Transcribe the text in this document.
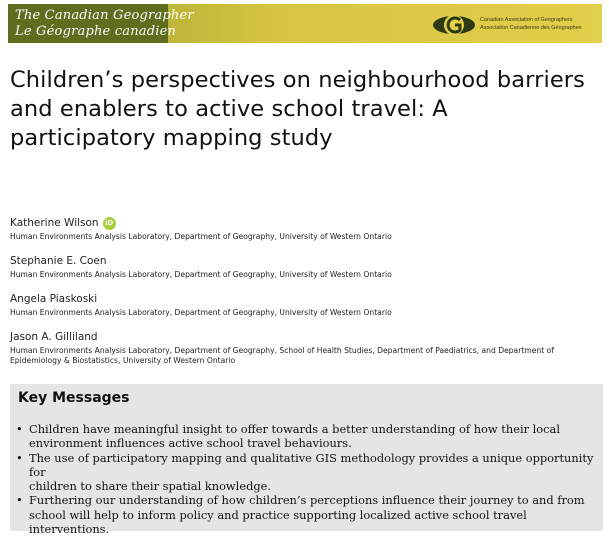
The Canadian Geographer
Le Géographe canadien
Canadian Association of Geographers
Association Canadienne des Géographes
Children’s perspectives on neighbourhood barriers and enablers to active school travel: A participatory mapping study
Katherine Wilson iD
Human Environments Analysis Laboratory, Department of Geography, University of Western Ontario
Stephanie E. Coen
Human Environments Analysis Laboratory, Department of Geography, University of Western Ontario
Angela Piaskoski
Human Environments Analysis Laboratory, Department of Geography, University of Western Ontario
Jason A. Gilliland
Human Environments Analysis Laboratory, Department of Geography, School of Health Studies, Department of Paediatrics, and Department of
Epidemiology & Biostatistics, University of Western Ontario
Key Messages
• Children have meaningful insight to offer towards a better understanding of how their local
environment influences active school travel behaviours.
• The use of participatory mapping and qualitative GIS methodology provides a unique opportunity for
children to share their spatial knowledge.
• Furthering our understanding of how children’s perceptions influence their journey to and from
school will help to inform policy and practice supporting localized active school travel
interventions.
